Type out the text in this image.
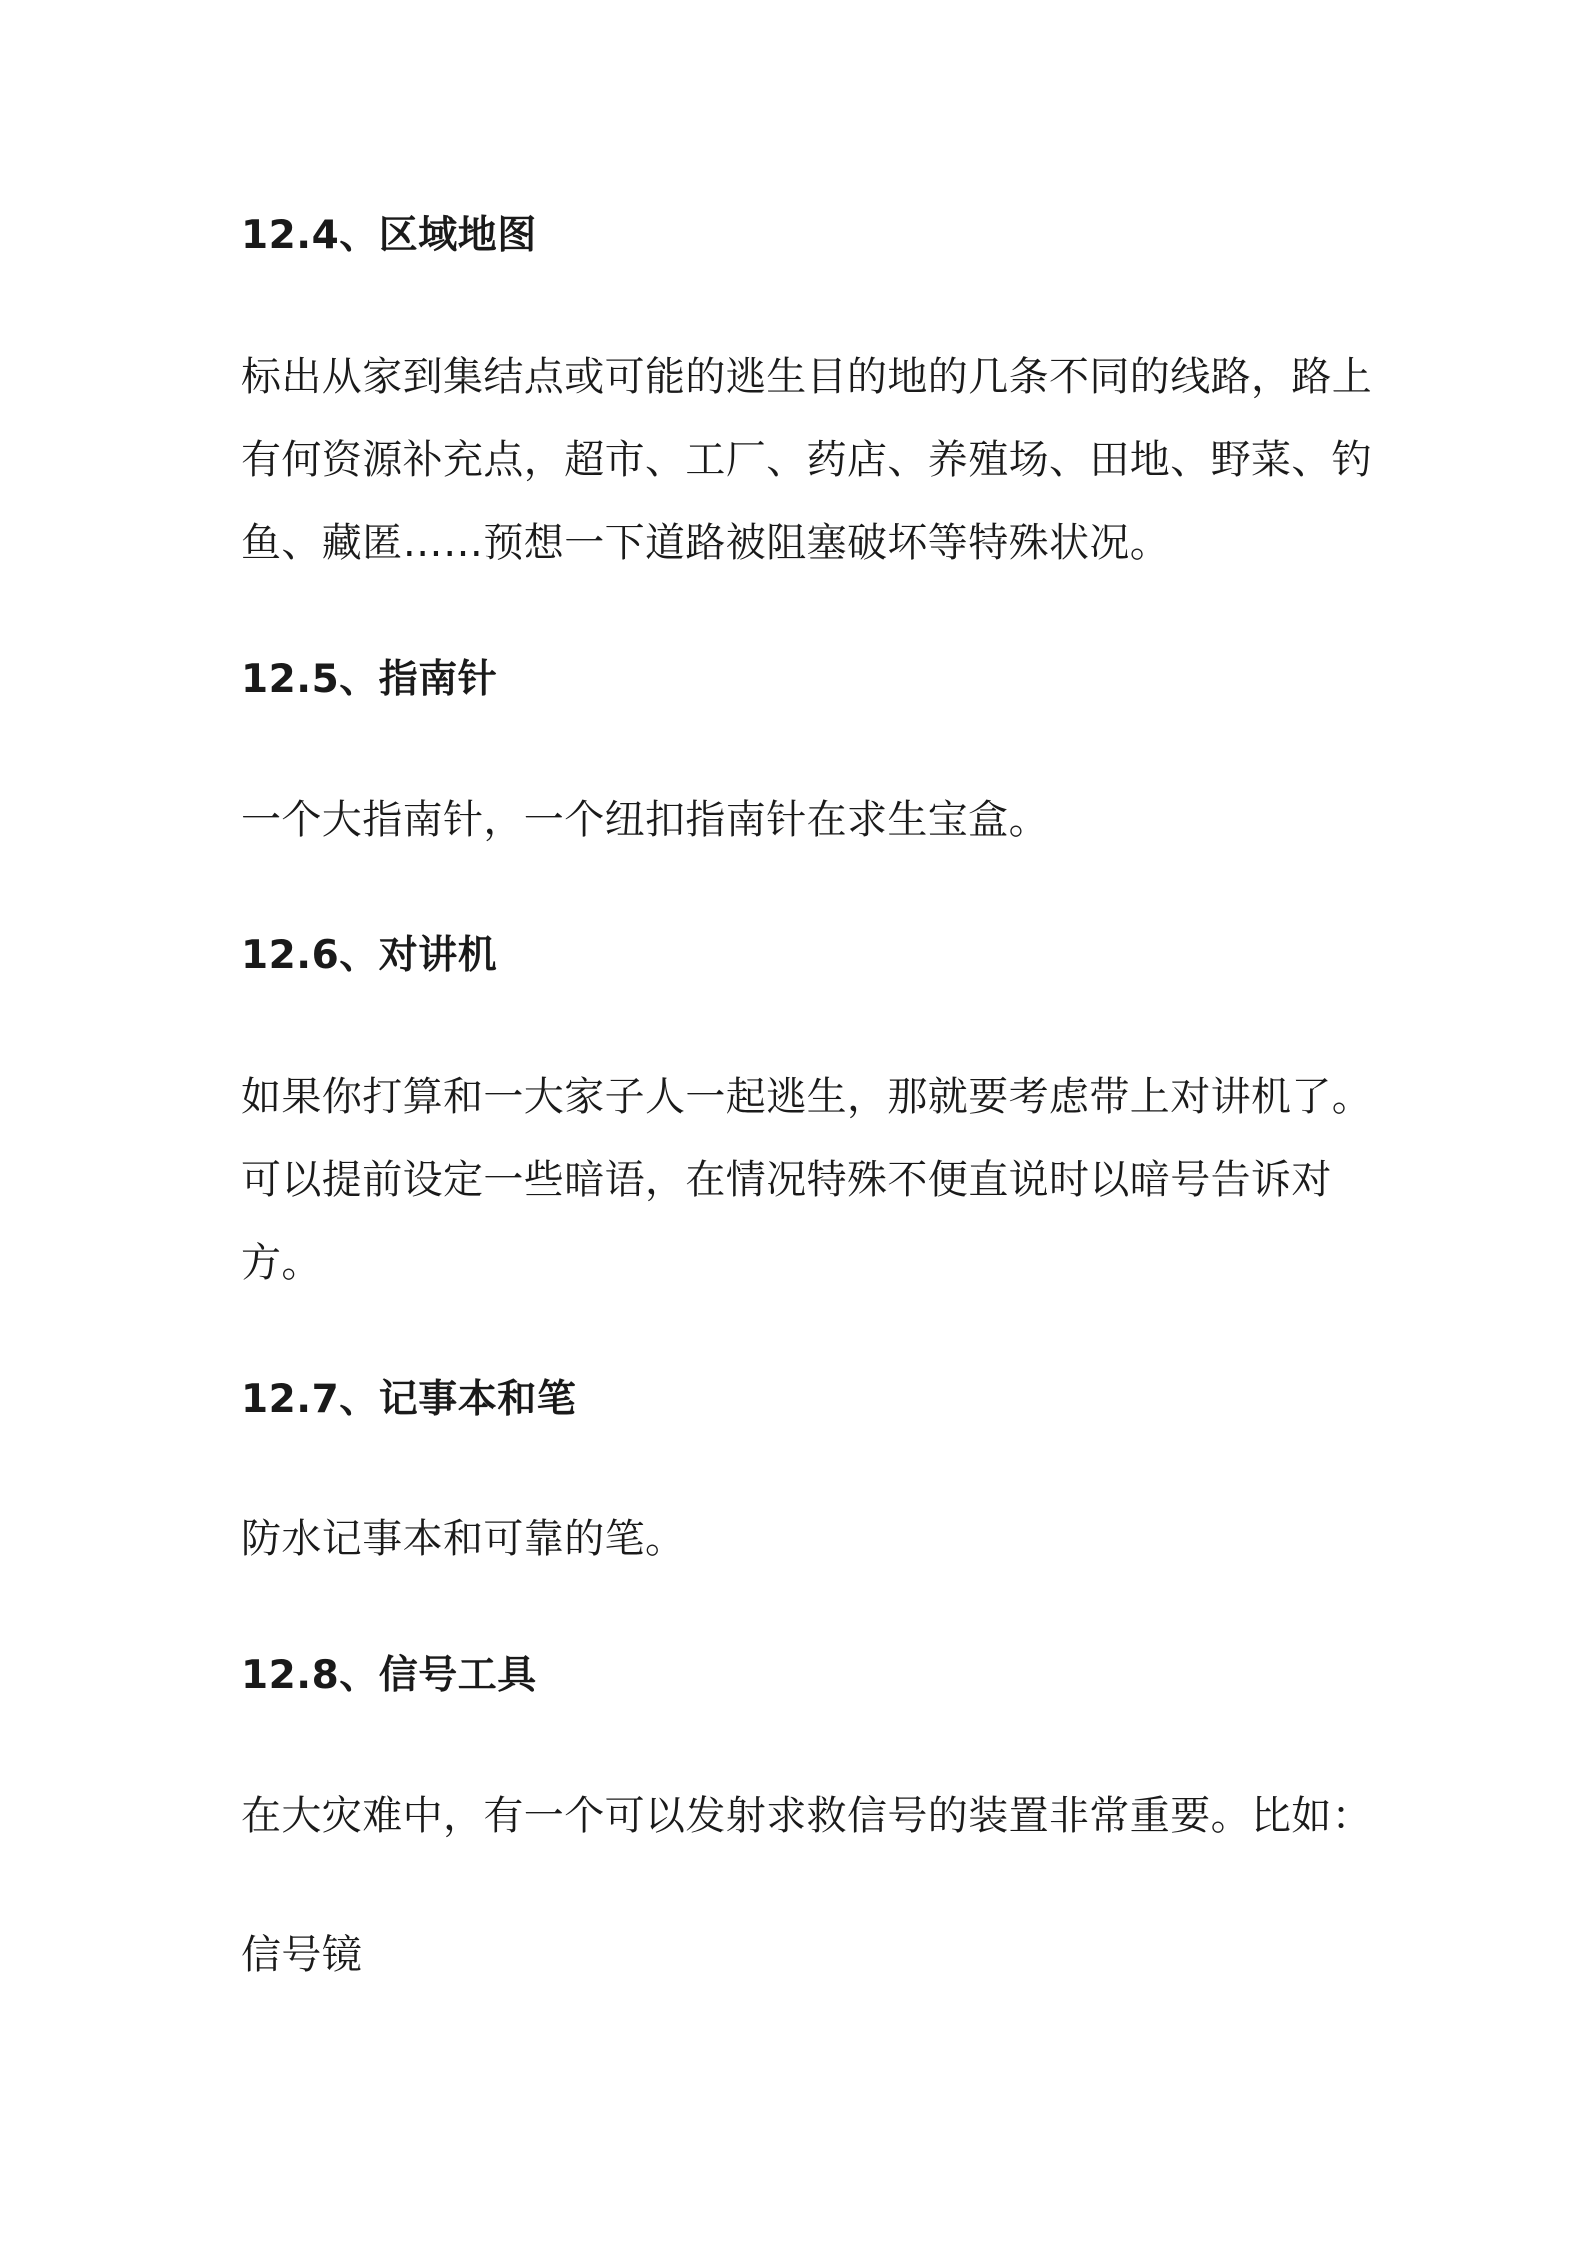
12.4、区域地图

标出从家到集结点或可能的逃生目的地的几条不同的线路，路上

有何资源补充点，超市、工厂、药店、养殖场、田地、野菜、钓

鱼、藏匿……预想一下道路被阻塞破坏等特殊状况。

12.5、指南针

一个大指南针，一个纽扣指南针在求生宝盒。

12.6、对讲机

如果你打算和一大家子人一起逃生，那就要考虑带上对讲机了。

可以提前设定一些暗语，在情况特殊不便直说时以暗号告诉对

方。

12.7、记事本和笔

防水记事本和可靠的笔。

12.8、信号工具

在大灾难中，有一个可以发射求救信号的装置非常重要。比如：

信号镜
